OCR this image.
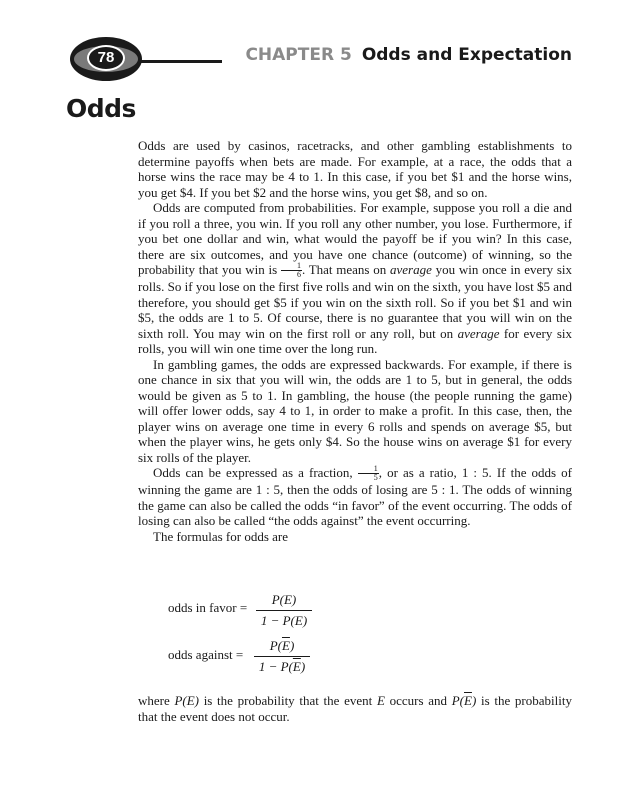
78	CHAPTER 5 Odds and Expectation
Odds

Odds are used by casinos, racetracks, and other gambling establishments to determine payoffs when bets are made. For example, at a race, the odds that a horse wins the race may be 4 to 1. In this case, if you bet $1 and the horse wins, you get $4. If you bet $2 and the horse wins, you get $8, and so on.

Odds are computed from probabilities. For example, suppose you roll a die and if you roll a three, you win. If you roll any other number, you lose. Furthermore, if you bet one dollar and win, what would the payoff be if you win? In this case, there are six outcomes, and you have one chance (outcome) of winning, so the probability that you win is $\frac{1}{6}$ . That means on average you win once in every six rolls. So if you lose on the first five rolls and win on the sixth, you have lost $5 and therefore, you should get $5 if you win on the sixth roll. So if you bet $1 and win $5, the odds are 1 to 5. Of course, there is no guarantee that you will win on the sixth roll. You may win on the first roll or any roll, but on average for every six rolls, you will win one time over the long run.

In gambling games, the odds are expressed backwards. For example, if there is one chance in six that you will win, the odds are 1 to 5, but in general, the odds would be given as 5 to 1. In gambling, the house (the people running the game) will offer lower odds, say 4 to 1, in order to make a profit. In this case, then, the player wins on average one time in every 6 rolls and spends on average $5, but when the player wins, he gets only $4. So the house wins on average $1 for every six rolls of the player.

Odds can be expressed as a fraction, $\frac{1}{5}$ , or as a ratio, 1 : 5. If the odds of winning the game are 1 : 5, then the odds of losing are 5 : 1. The odds of winning the game can also be called the odds “in favor” of the event occurring. The odds of losing can also be called “the odds against” the event occurring.

The formulas for odds are

odds in favor = $\frac{P(E)}{1 - P(E)}$
odds against = $\frac{P(\overline{E})}{1 - P(\overline{E})}$

where P(E) is the probability that the event E occurs and $P(\overline{E})$ is the probability that the event does not occur.
